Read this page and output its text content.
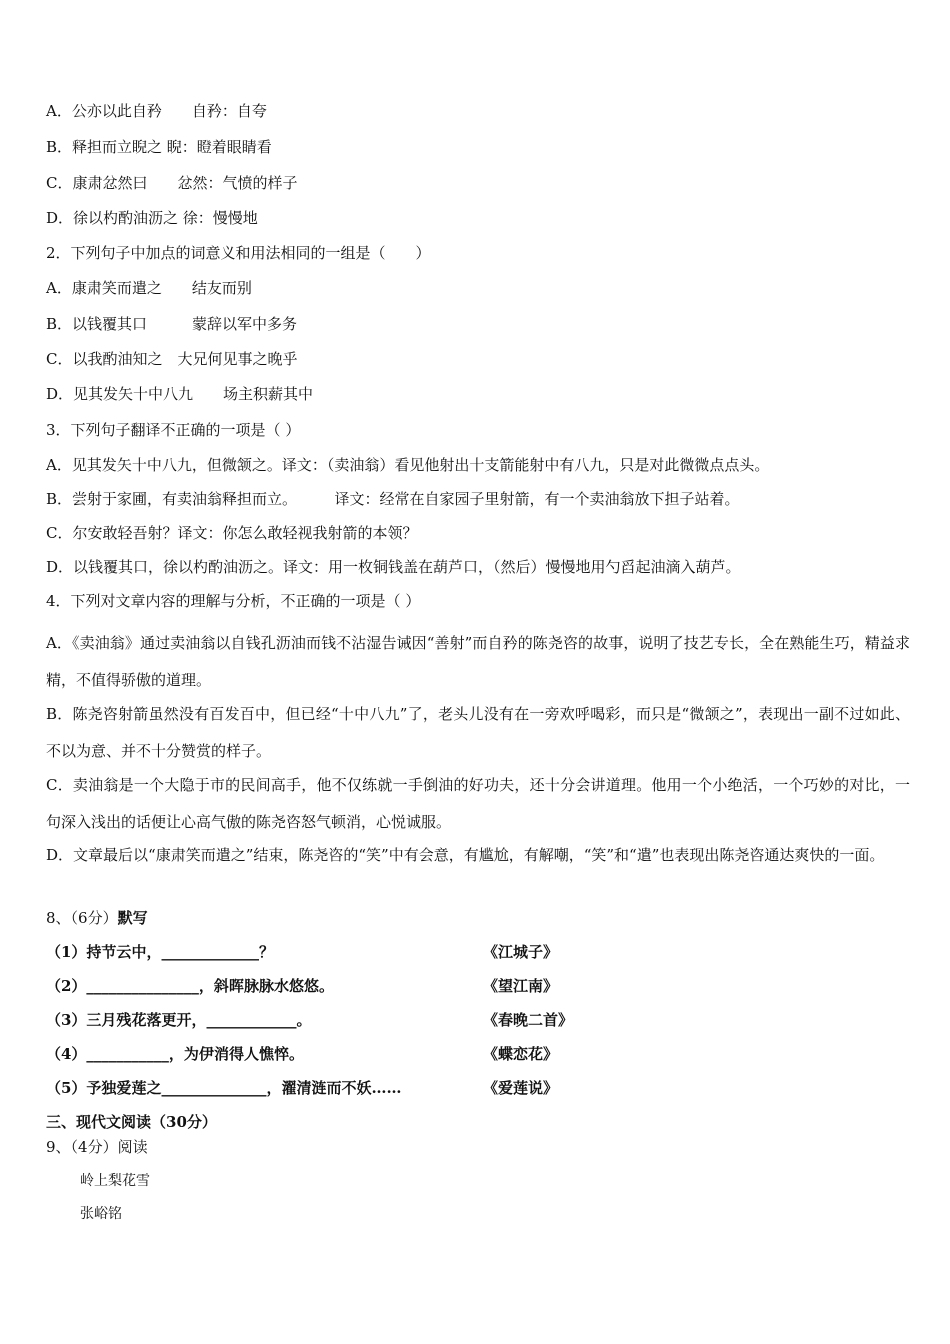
A．公亦以此自矜　　自矜：自夸
B．释担而立睨之 睨：瞪着眼睛看
C．康肃忿然曰　　忿然：气愤的样子
D．徐以杓酌油沥之 徐：慢慢地
2．下列句子中加点的词意义和用法相同的一组是（　　）
A．康肃笑而遣之　　结友而别
B．以钱覆其口　　　蒙辞以军中多务
C．以我酌油知之　大兄何见事之晚乎
D．见其发矢十中八九　　场主积薪其中
3．下列句子翻译不正确的一项是（ ）
A．见其发矢十中八九，但微颔之。译文：（卖油翁）看见他射出十支箭能射中有八九，只是对此微微点点头。
B．尝射于家圃，有卖油翁释担而立。　　　译文：经常在自家园子里射箭，有一个卖油翁放下担子站着。
C．尔安敢轻吾射？译文：你怎么敢轻视我射箭的本领？
D．以钱覆其口，徐以杓酌油沥之。译文：用一枚铜钱盖在葫芦口，（然后）慢慢地用勺舀起油滴入葫芦。
4．下列对文章内容的理解与分析，不正确的一项是（ ）
A．《卖油翁》通过卖油翁以自钱孔沥油而钱不沾湿告诫因“善射”而自矜的陈尧咨的故事，说明了技艺专长，全在熟能生巧，精益求精，不值得骄傲的道理。
B．陈尧咨射箭虽然没有百发百中，但已经“十中八九”了，老头儿没有在一旁欢呼喝彩，而只是“微颔之”，表现出一副不过如此、不以为意、并不十分赞赏的样子。
C．卖油翁是一个大隐于市的民间高手，他不仅练就一手倒油的好功夫，还十分会讲道理。他用一个小绝活，一个巧妙的对比，一句深入浅出的话便让心高气傲的陈尧咨怒气顿消，心悦诚服。
D．文章最后以“康肃笑而遣之”结束，陈尧咨的“笑”中有会意，有尴尬，有解嘲，“笑”和“遣”也表现出陈尧咨通达爽快的一面。
8、（6分）默写
（1）持节云中，_____________？	《江城子》
（2）_______________，斜晖脉脉水悠悠。	《望江南》
（3）三月残花落更开，____________。	《春晚二首》
（4）___________，为伊消得人憔悴。	《蝶恋花》
（5）予独爱莲之______________，濯清涟而不妖……	《爱莲说》
三、现代文阅读（30分）
9、（4分）阅读
岭上梨花雪
张峪铭
